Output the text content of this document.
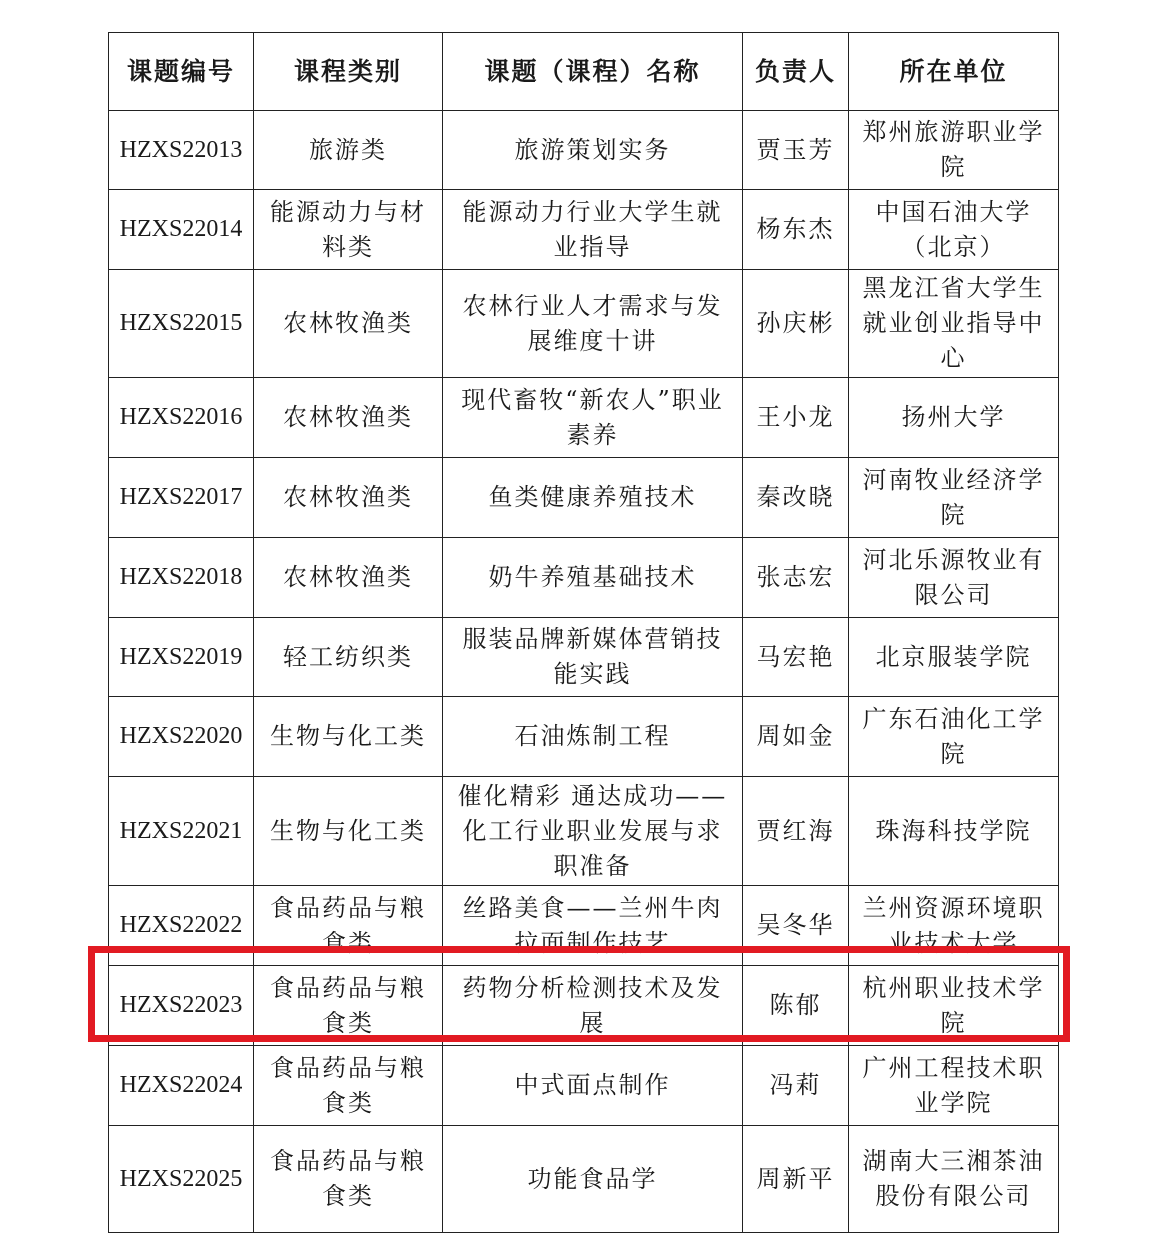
课题编号	课程类别	课题（课程）名称	负责人	所在单位
HZXS22013	旅游类	旅游策划实务	贾玉芳	郑州旅游职业学院
HZXS22014	能源动力与材料类	能源动力行业大学生就业指导	杨东杰	中国石油大学（北京）
HZXS22015	农林牧渔类	农林行业人才需求与发展维度十讲	孙庆彬	黑龙江省大学生就业创业指导中心
HZXS22016	农林牧渔类	现代畜牧“新农人”职业素养	王小龙	扬州大学
HZXS22017	农林牧渔类	鱼类健康养殖技术	秦改晓	河南牧业经济学院
HZXS22018	农林牧渔类	奶牛养殖基础技术	张志宏	河北乐源牧业有限公司
HZXS22019	轻工纺织类	服装品牌新媒体营销技能实践	马宏艳	北京服装学院
HZXS22020	生物与化工类	石油炼制工程	周如金	广东石油化工学院
HZXS22021	生物与化工类	催化精彩 通达成功——化工行业职业发展与求职准备	贾红海	珠海科技学院
HZXS22022	食品药品与粮食类	丝路美食——兰州牛肉拉面制作技艺	吴冬华	兰州资源环境职业技术大学
HZXS22023	食品药品与粮食类	药物分析检测技术及发展	陈郁	杭州职业技术学院
HZXS22024	食品药品与粮食类	中式面点制作	冯莉	广州工程技术职业学院
HZXS22025	食品药品与粮食类	功能食品学	周新平	湖南大三湘茶油股份有限公司
